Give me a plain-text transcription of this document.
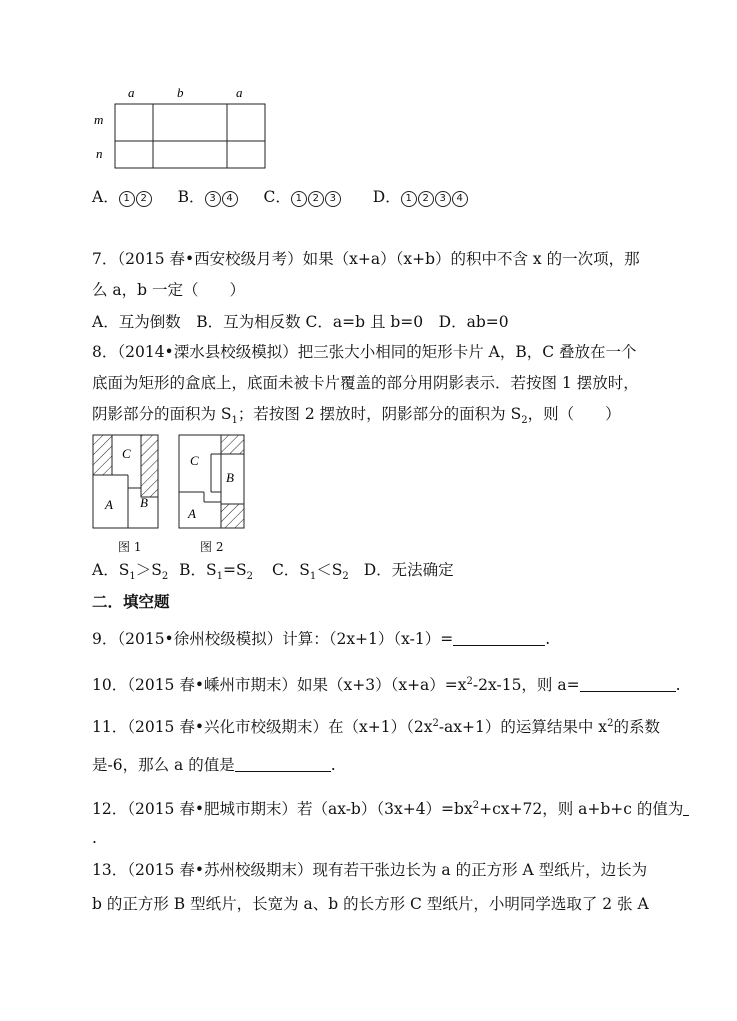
a	b	a
m
n
A． 1 2 B． 3 4 C． 1 2 3 D． 1 2 3 4
7．（2015 春•西安校级月考）如果（x+a）（x+b）的积中不含 x 的一次项，那
么 a，b 一定（　　）
A．互为倒数　B．互为相反数 C．a=b 且 b=0　D．ab=0
8．（2014•溧水县校级模拟）把三张大小相同的矩形卡片 A，B，C 叠放在一个
底面为矩形的盒底上，底面未被卡片覆盖的部分用阴影表示．若按图 1 摆放时，
阴影部分的面积为 $S_1$；若按图 2 摆放时，阴影部分的面积为 $S_2$，则（　　）
C
A B
C
B
A
图 1	图 2
A．$S_1>S_2$ B．$S_1=S_2$ C．$S_1<S_2$ D．无法确定
二．填空题
9．（2015•徐州校级模拟）计算：（2x+1）（x-1）=	.
10．（2015 春•嵊州市期末）如果$(x+3)(x+a)=x^2-2x-15$，则 a=	.
11．（2015 春•兴化市校级期末）在$(x+1)(2x^2-ax+1)$的运算结果中 $x^2$的系数
是-6，那么 a 的值是	.
12．（2015 春•肥城市期末）若$(ax-b)(3x+4)=bx^2+cx+72$，则 a+b+c 的值为
.
13．（2015 春•苏州校级期末）现有若干张边长为 a 的正方形 A 型纸片，边长为
b 的正方形 B 型纸片，长宽为 a、b 的长方形 C 型纸片，小明同学选取了 2 张 A
